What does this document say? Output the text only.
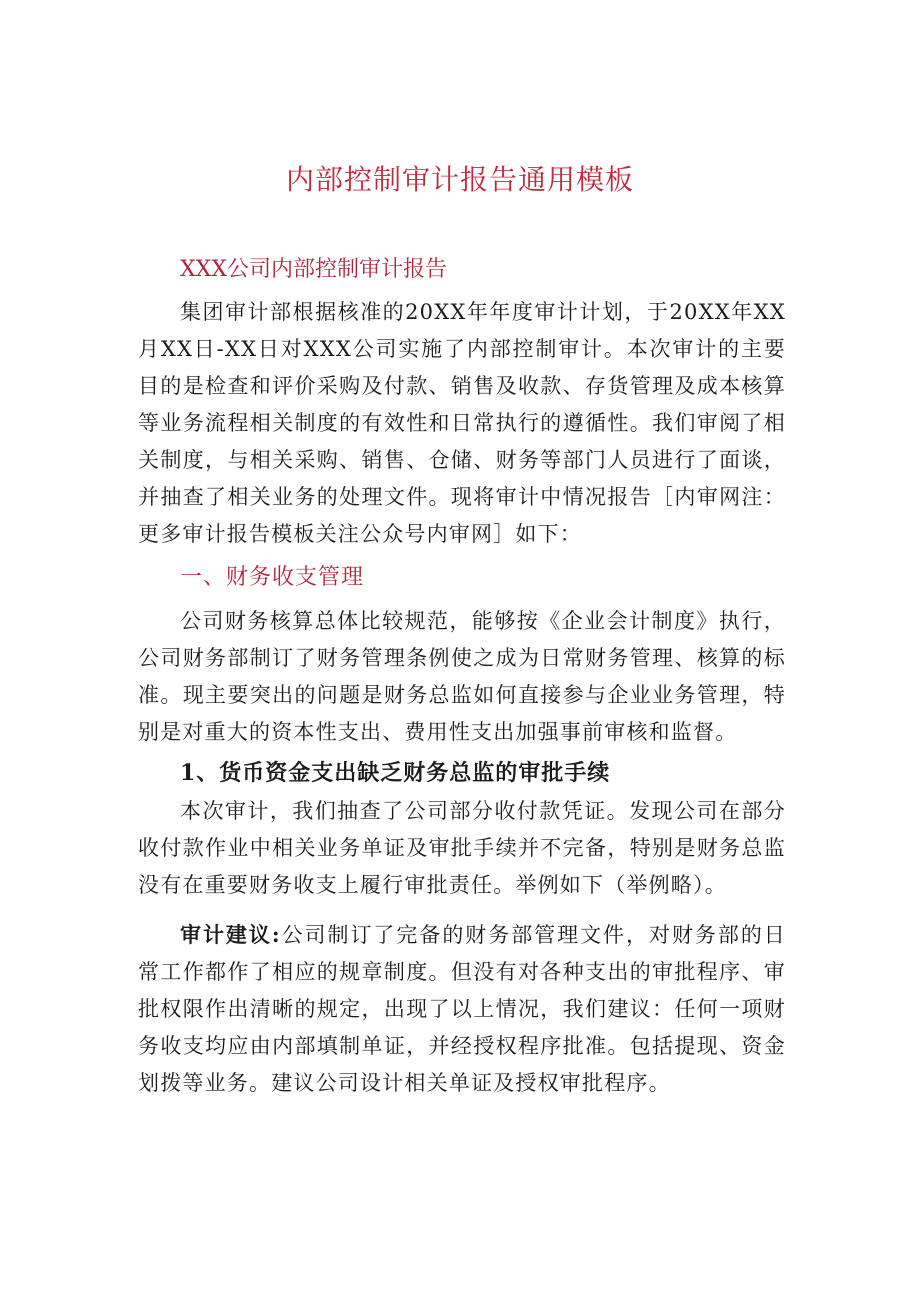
内部控制审计报告通用模板

XXX公司内部控制审计报告

集团审计部根据核准的20XX年年度审计计划，于20XX年XX月XX日-XX日对XXX公司实施了内部控制审计。本次审计的主要目的是检查和评价采购及付款、销售及收款、存货管理及成本核算等业务流程相关制度的有效性和日常执行的遵循性。我们审阅了相关制度，与相关采购、销售、仓储、财务等部门人员进行了面谈，并抽查了相关业务的处理文件。现将审计中情况报告［内审网注：更多审计报告模板关注公众号内审网］如下：

一、财务收支管理

公司财务核算总体比较规范，能够按《企业会计制度》执行，公司财务部制订了财务管理条例使之成为日常财务管理、核算的标准。现主要突出的问题是财务总监如何直接参与企业业务管理，特别是对重大的资本性支出、费用性支出加强事前审核和监督。

1、货币资金支出缺乏财务总监的审批手续

本次审计，我们抽查了公司部分收付款凭证。发现公司在部分收付款作业中相关业务单证及审批手续并不完备，特别是财务总监没有在重要财务收支上履行审批责任。举例如下（举例略）。

审计建议:公司制订了完备的财务部管理文件，对财务部的日常工作都作了相应的规章制度。但没有对各种支出的审批程序、审批权限作出清晰的规定，出现了以上情况，我们建议：任何一项财务收支均应由内部填制单证，并经授权程序批准。包括提现、资金划拨等业务。建议公司设计相关单证及授权审批程序。
